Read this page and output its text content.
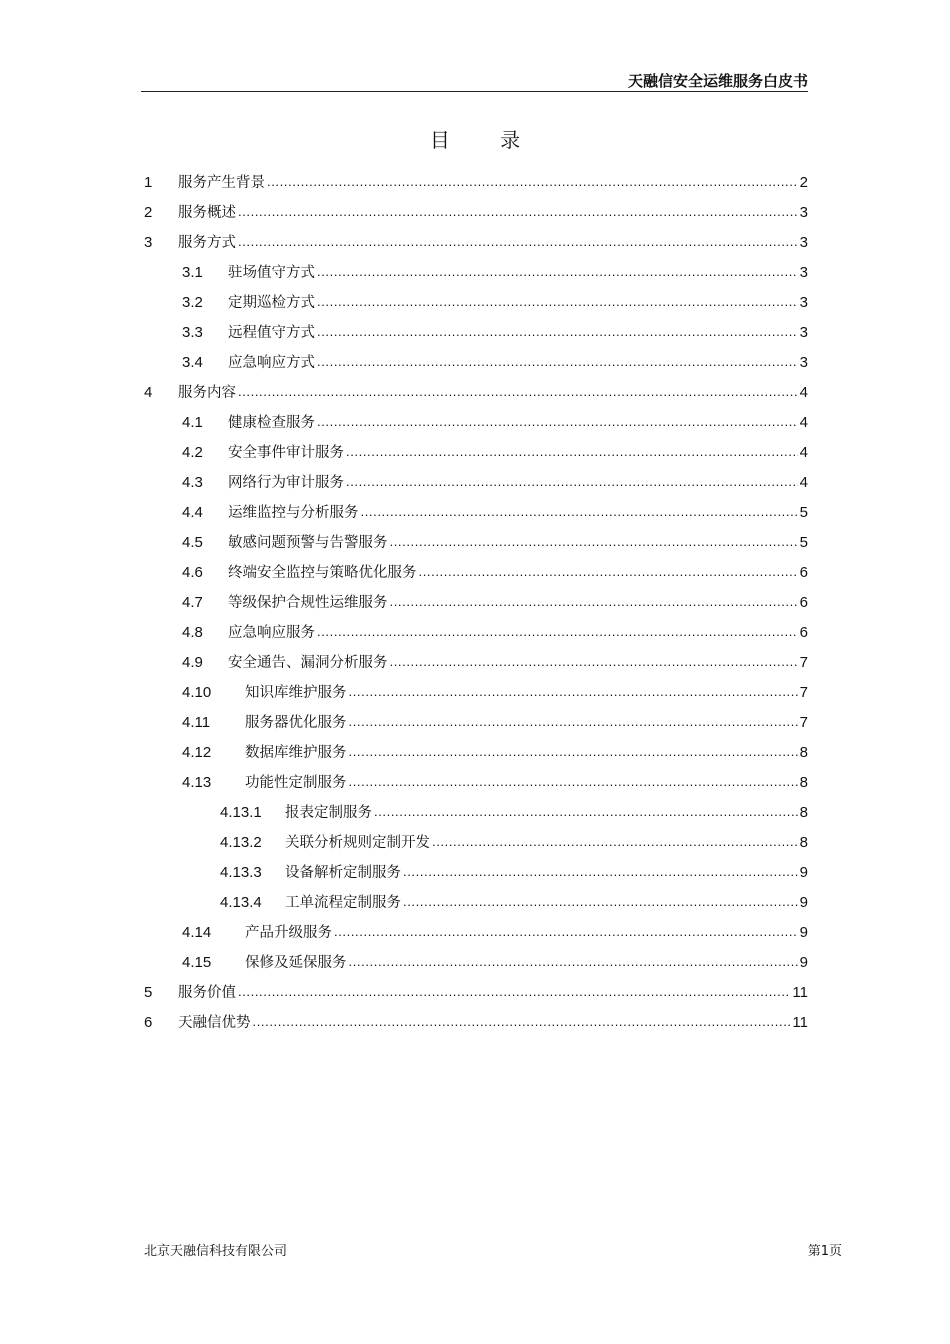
天融信安全运维服务白皮书
目 录
1	服务产生背景 .....	2
2	服务概述 .....	3
3	服务方式 .....	3
3.1	驻场值守方式 .....	3
3.2	定期巡检方式 .....	3
3.3	远程值守方式 .....	3
3.4	应急响应方式 .....	3
4	服务内容 .....	4
4.1	健康检查服务 .....	4
4.2	安全事件审计服务 .....	4
4.3	网络行为审计服务 .....	4
4.4	运维监控与分析服务 .....	5
4.5	敏感问题预警与告警服务 .....	5
4.6	终端安全监控与策略优化服务 .....	6
4.7	等级保护合规性运维服务 .....	6
4.8	应急响应服务 .....	6
4.9	安全通告、漏洞分析服务 .....	7
4.10	知识库维护服务 .....	7
4.11	服务器优化服务 .....	7
4.12	数据库维护服务 .....	8
4.13	功能性定制服务 .....	8
4.13.1	报表定制服务 .....	8
4.13.2	关联分析规则定制开发 .....	8
4.13.3	设备解析定制服务 .....	9
4.13.4	工单流程定制服务 .....	9
4.14	产品升级服务 .....	9
4.15	保修及延保服务 .....	9
5	服务价值 .....	11
6	天融信优势 .....	11
北京天融信科技有限公司	第1页
